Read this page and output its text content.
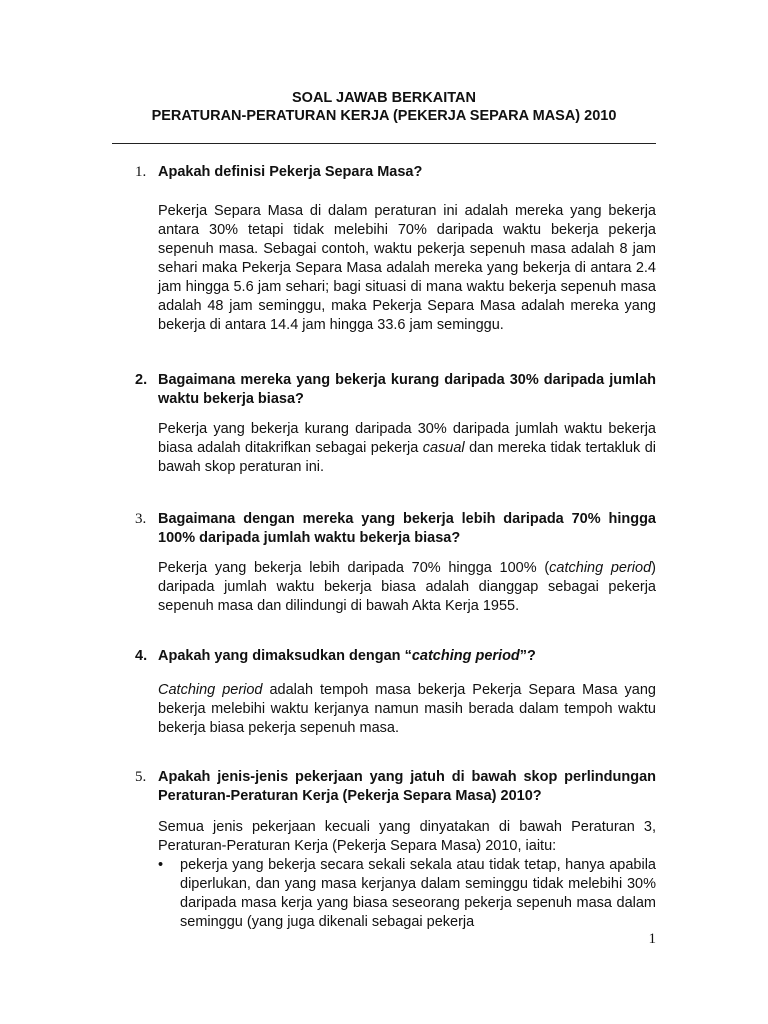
SOAL JAWAB BERKAITAN
PERATURAN-PERATURAN KERJA (PEKERJA SEPARA MASA) 2010
1. Apakah definisi Pekerja Separa Masa?

Pekerja Separa Masa di dalam peraturan ini adalah mereka yang bekerja antara 30% tetapi tidak melebihi 70% daripada waktu bekerja pekerja sepenuh masa. Sebagai contoh, waktu pekerja sepenuh masa adalah 8 jam sehari maka Pekerja Separa Masa adalah mereka yang bekerja di antara 2.4 jam hingga 5.6 jam sehari; bagi situasi di mana waktu bekerja sepenuh masa adalah 48 jam seminggu, maka Pekerja Separa Masa adalah mereka yang bekerja di antara 14.4 jam hingga 33.6 jam seminggu.

2. Bagaimana mereka yang bekerja kurang daripada 30% daripada jumlah waktu bekerja biasa?

Pekerja yang bekerja kurang daripada 30% daripada jumlah waktu bekerja biasa adalah ditakrifkan sebagai pekerja casual dan mereka tidak tertakluk di bawah skop peraturan ini.

3. Bagaimana dengan mereka yang bekerja lebih daripada 70% hingga 100% daripada jumlah waktu bekerja biasa?

Pekerja yang bekerja lebih daripada 70% hingga 100% (catching period) daripada jumlah waktu bekerja biasa adalah dianggap sebagai pekerja sepenuh masa dan dilindungi di bawah Akta Kerja 1955.

4. Apakah yang dimaksudkan dengan “catching period”?

Catching period adalah tempoh masa bekerja Pekerja Separa Masa yang bekerja melebihi waktu kerjanya namun masih berada dalam tempoh waktu bekerja biasa pekerja sepenuh masa.

5. Apakah jenis-jenis pekerjaan yang jatuh di bawah skop perlindungan Peraturan-Peraturan Kerja (Pekerja Separa Masa) 2010?

Semua jenis pekerjaan kecuali yang dinyatakan di bawah Peraturan 3, Peraturan-Peraturan Kerja (Pekerja Separa Masa) 2010, iaitu:

•	pekerja yang bekerja secara sekali sekala atau tidak tetap, hanya apabila diperlukan, dan yang masa kerjanya dalam seminggu tidak melebihi 30% daripada masa kerja yang biasa seseorang pekerja sepenuh masa dalam seminggu (yang juga dikenali sebagai pekerja
1
